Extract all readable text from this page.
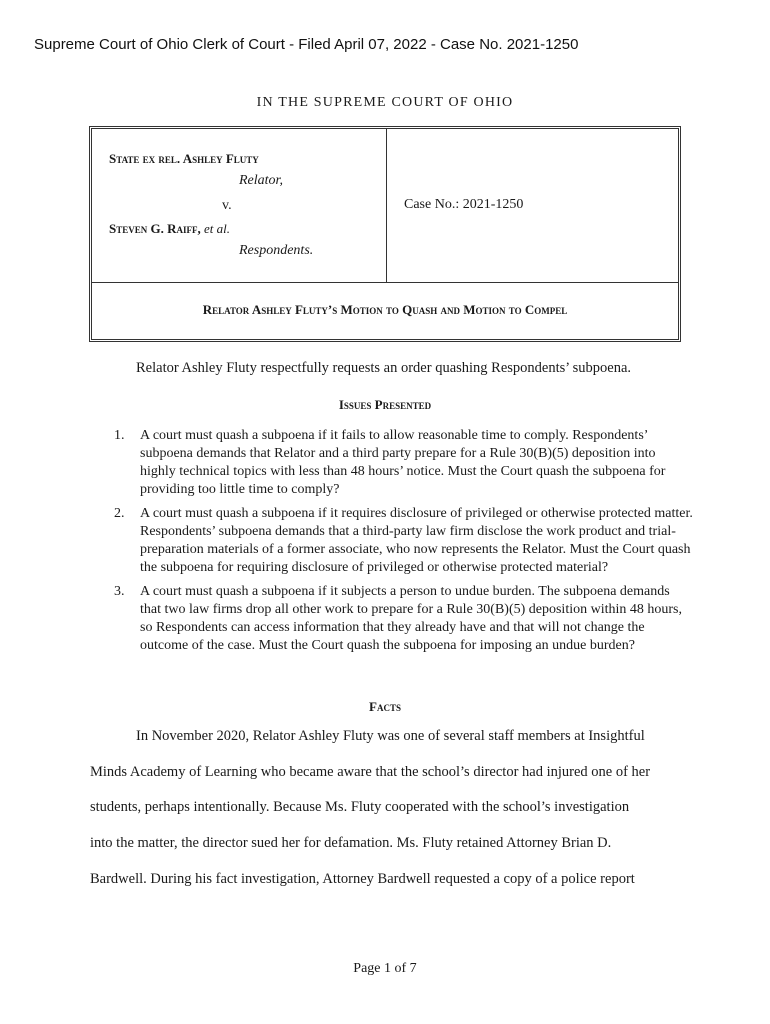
Supreme Court of Ohio Clerk of Court - Filed April 07, 2022 - Case No. 2021-1250
IN THE SUPREME COURT OF OHIO
State ex rel. Ashley Fluty
Relator,
v.
Steven G. Raiff, et al.
Respondents.
Case No.: 2021-1250
Relator Ashley Fluty’s Motion to Quash and Motion to Compel
Relator Ashley Fluty respectfully requests an order quashing Respondents’ subpoena.
Issues Presented
1.	A court must quash a subpoena if it fails to allow reasonable time to comply. Respondents’ subpoena demands that Relator and a third party prepare for a Rule 30(B)(5) deposition into highly technical topics with less than 48 hours’ notice. Must the Court quash the subpoena for providing too little time to comply?
2.	A court must quash a subpoena if it requires disclosure of privileged or otherwise protected matter. Respondents’ subpoena demands that a third-party law firm disclose the work product and trial-preparation materials of a former associate, who now represents the Relator. Must the Court quash the subpoena for requiring disclosure of privileged or otherwise protected material?
3.	A court must quash a subpoena if it subjects a person to undue burden. The subpoena demands that two law firms drop all other work to prepare for a Rule 30(B)(5) deposition within 48 hours, so Respondents can access information that they already have and that will not change the outcome of the case. Must the Court quash the subpoena for imposing an undue burden?
Facts
In November 2020, Relator Ashley Fluty was one of several staff members at Insightful
Minds Academy of Learning who became aware that the school’s director had injured one of her
students, perhaps intentionally. Because Ms. Fluty cooperated with the school’s investigation
into the matter, the director sued her for defamation. Ms. Fluty retained Attorney Brian D.
Bardwell. During his fact investigation, Attorney Bardwell requested a copy of a police report
Page 1 of 7
